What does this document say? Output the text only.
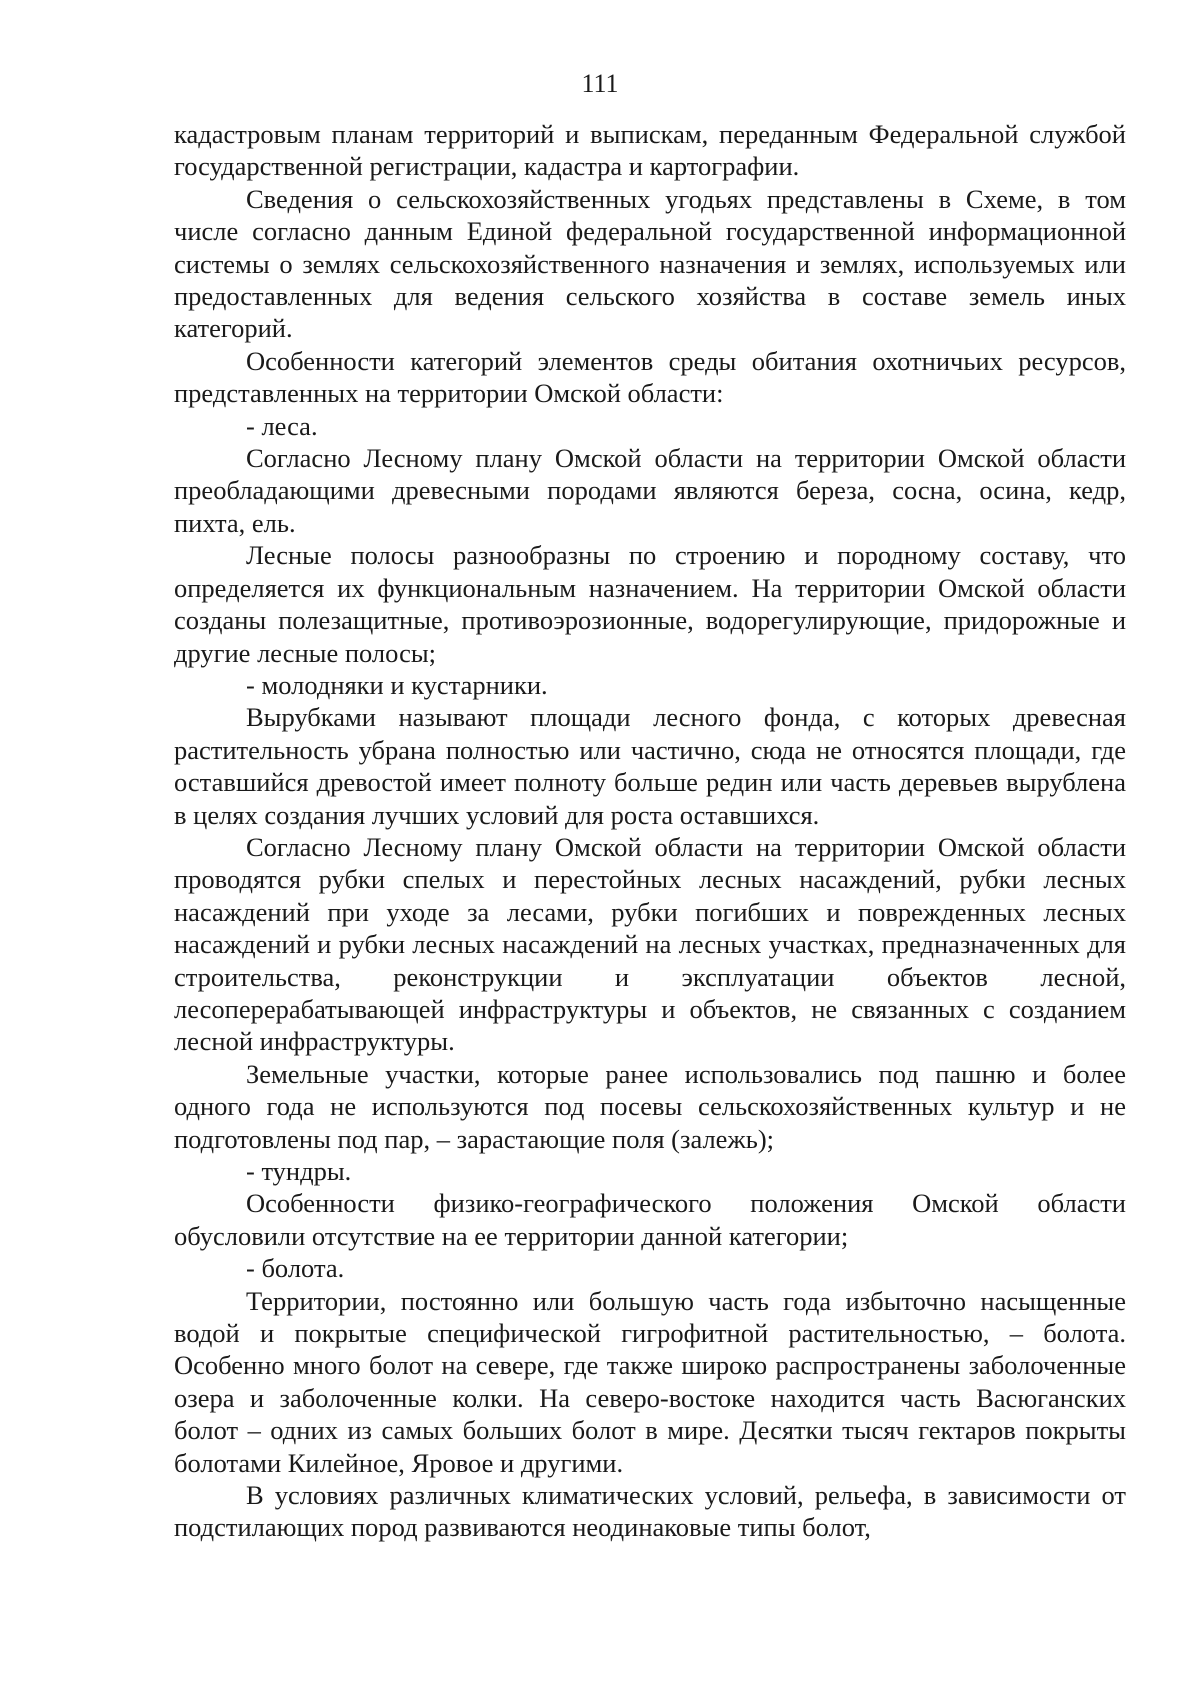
111

кадастровым планам территорий и выпискам, переданным Федеральной службой государственной регистрации, кадастра и картографии.

Сведения о сельскохозяйственных угодьях представлены в Схеме, в том числе согласно данным Единой федеральной государственной информационной системы о землях сельскохозяйственного назначения и землях, используемых или предоставленных для ведения сельского хозяйства в составе земель иных категорий.

Особенности категорий элементов среды обитания охотничьих ресурсов, представленных на территории Омской области:

- леса.

Согласно Лесному плану Омской области на территории Омской области преобладающими древесными породами являются береза, сосна, осина, кедр, пихта, ель.

Лесные полосы разнообразны по строению и породному составу, что определяется их функциональным назначением. На территории Омской области созданы полезащитные, противоэрозионные, водорегулирующие, придорожные и другие лесные полосы;

- молодняки и кустарники.

Вырубками называют площади лесного фонда, с которых древесная растительность убрана полностью или частично, сюда не относятся площади, где оставшийся древостой имеет полноту больше редин или часть деревьев вырублена в целях создания лучших условий для роста оставшихся.

Согласно Лесному плану Омской области на территории Омской области проводятся рубки спелых и перестойных лесных насаждений, рубки лесных насаждений при уходе за лесами, рубки погибших и поврежденных лесных насаждений и рубки лесных насаждений на лесных участках, предназначенных для строительства, реконструкции и эксплуатации объектов лесной, лесоперерабатывающей инфраструктуры и объектов, не связанных с созданием лесной инфраструктуры.

Земельные участки, которые ранее использовались под пашню и более одного года не используются под посевы сельскохозяйственных культур и не подготовлены под пар, – зарастающие поля (залежь);

- тундры.

Особенности физико-географического положения Омской области обусловили отсутствие на ее территории данной категории;

- болота.

Территории, постоянно или большую часть года избыточно насыщенные водой и покрытые специфической гигрофитной растительностью, – болота. Особенно много болот на севере, где также широко распространены заболоченные озера и заболоченные колки. На северо-востоке находится часть Васюганских болот – одних из самых больших болот в мире. Десятки тысяч гектаров покрыты болотами Килейное, Яровое и другими.

В условиях различных климатических условий, рельефа, в зависимости от подстилающих пород развиваются неодинаковые типы болот,
